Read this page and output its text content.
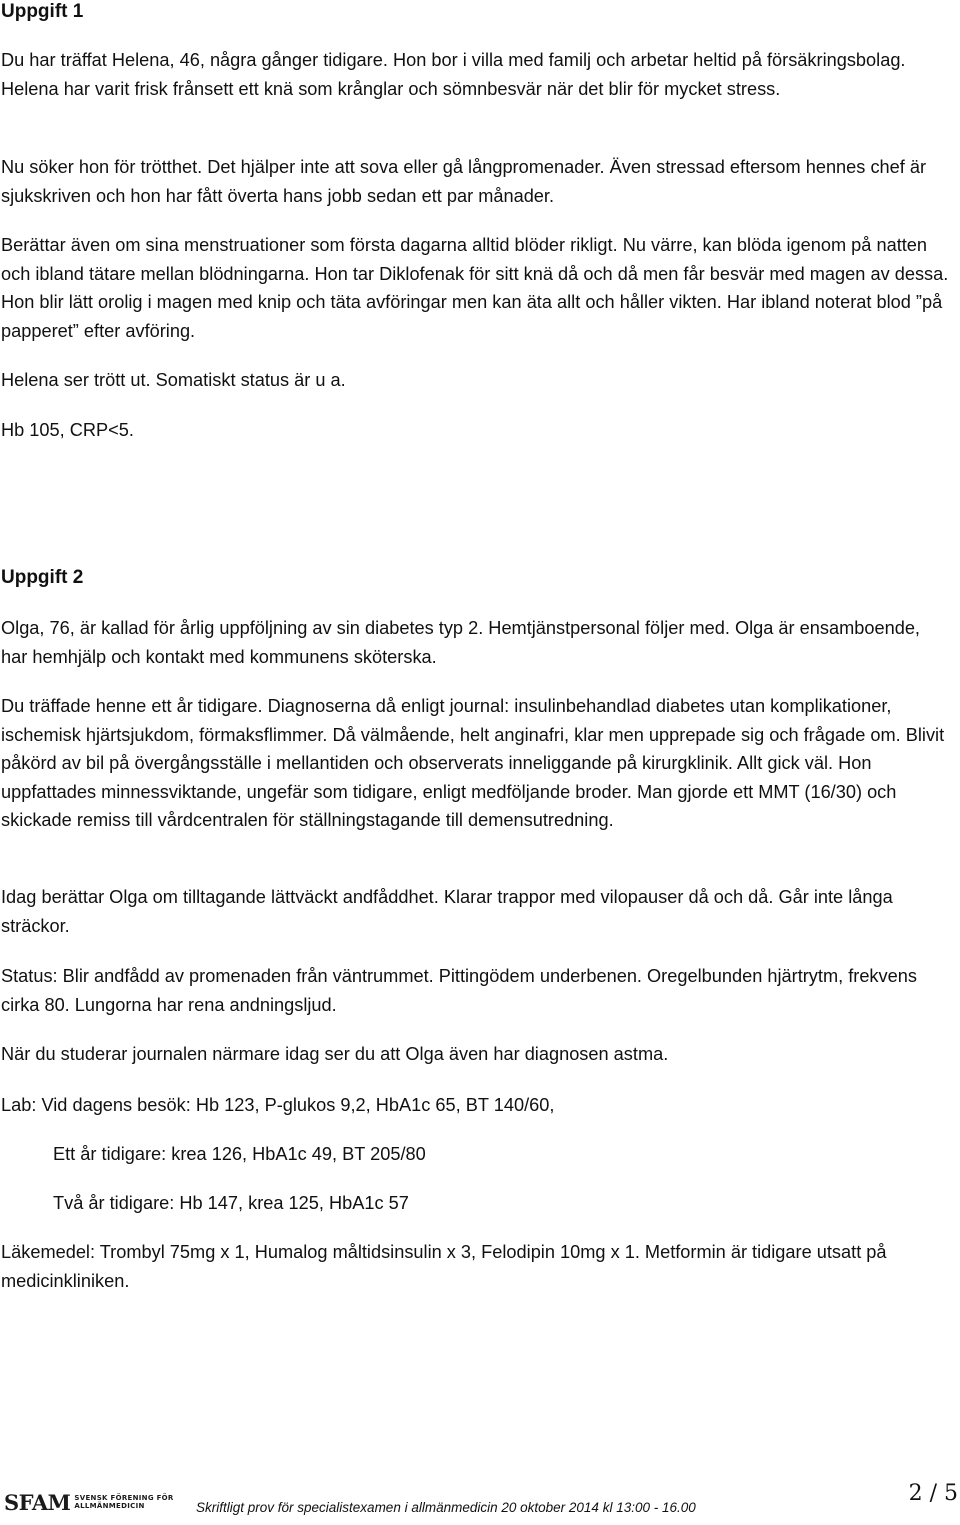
Uppgift 1

Du har träffat Helena, 46, några gånger tidigare. Hon bor i villa med familj och arbetar heltid på försäkringsbolag. Helena har varit frisk frånsett ett knä som krånglar och sömnbesvär när det blir för mycket stress.

Nu söker hon för trötthet. Det hjälper inte att sova eller gå långpromenader. Även stressad eftersom hennes chef är sjukskriven och hon har fått överta hans jobb sedan ett par månader.

Berättar även om sina menstruationer som första dagarna alltid blöder rikligt. Nu värre, kan blöda igenom på natten och ibland tätare mellan blödningarna. Hon tar Diklofenak för sitt knä då och då men får besvär med magen av dessa. Hon blir lätt orolig i magen med knip och täta avföringar men kan äta allt och håller vikten. Har ibland noterat blod ”på papperet” efter avföring.

Helena ser trött ut. Somatiskt status är u a.

Hb 105, CRP<5.

Uppgift 2

Olga, 76, är kallad för årlig uppföljning av sin diabetes typ 2. Hemtjänstpersonal följer med. Olga är ensamboende, har hemhjälp och kontakt med kommunens sköterska.

Du träffade henne ett år tidigare. Diagnoserna då enligt journal: insulinbehandlad diabetes utan komplikationer, ischemisk hjärtsjukdom, förmaksflimmer. Då välmående, helt anginafri, klar men upprepade sig och frågade om. Blivit påkörd av bil på övergångsställe i mellantiden och observerats inneliggande på kirurgklinik. Allt gick väl. Hon uppfattades minnessviktande, ungefär som tidigare, enligt medföljande broder. Man gjorde ett MMT (16/30) och skickade remiss till vårdcentralen för ställningstagande till demensutredning.

Idag berättar Olga om tilltagande lättväckt andfåddhet. Klarar trappor med vilopauser då och då. Går inte långa sträckor.

Status: Blir andfådd av promenaden från väntrummet. Pittingödem underbenen. Oregelbunden hjärtrytm, frekvens cirka 80. Lungorna har rena andningsljud.

När du studerar journalen närmare idag ser du att Olga även har diagnosen astma.

Lab: Vid dagens besök: Hb 123, P-glukos 9,2, HbA1c 65, BT 140/60,

Ett år tidigare: krea 126, HbA1c 49, BT 205/80

Två år tidigare: Hb 147, krea 125, HbA1c 57

Läkemedel: Trombyl 75mg x 1, Humalog måltidsinsulin x 3, Felodipin 10mg x 1. Metformin är tidigare utsatt på medicinkliniken.

SFAM SVENSK FÖRENING FÖR
ALLMÄNMEDICIN	Skriftligt prov för specialistexamen i allmänmedicin 20 oktober 2014 kl 13:00 - 16.00
2 / 5
